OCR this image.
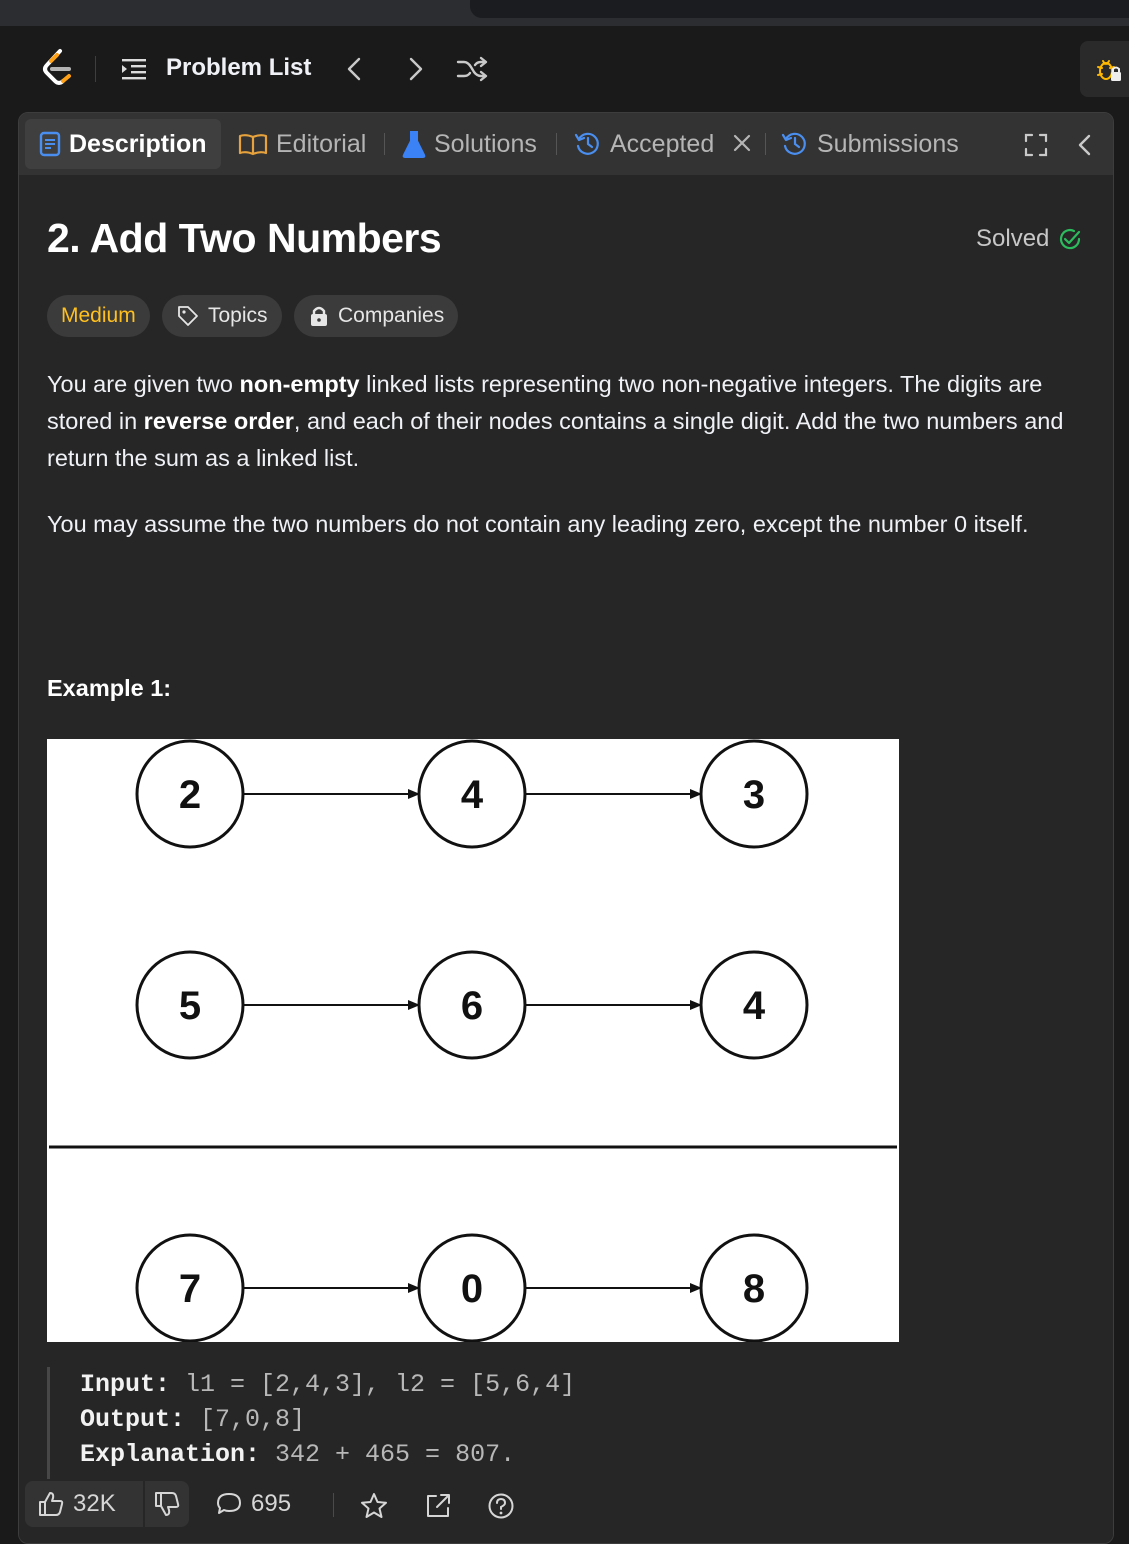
Problem List
Description	Editorial	Solutions	Accepted	Submissions
2. Add Two Numbers	Solved
Medium	Topics	Companies
You are given two non-empty linked lists representing two non-negative integers. The digits are stored in reverse order, and each of their nodes contains a single digit. Add the two numbers and return the sum as a linked list.
You may assume the two numbers do not contain any leading zero, except the number 0 itself.
Example 1:
2	4	3
5	6	4
7	0	8
Input: l1 = [2,4,3], l2 = [5,6,4]
Output: [7,0,8]
Explanation: 342 + 465 = 807.
32K	695
